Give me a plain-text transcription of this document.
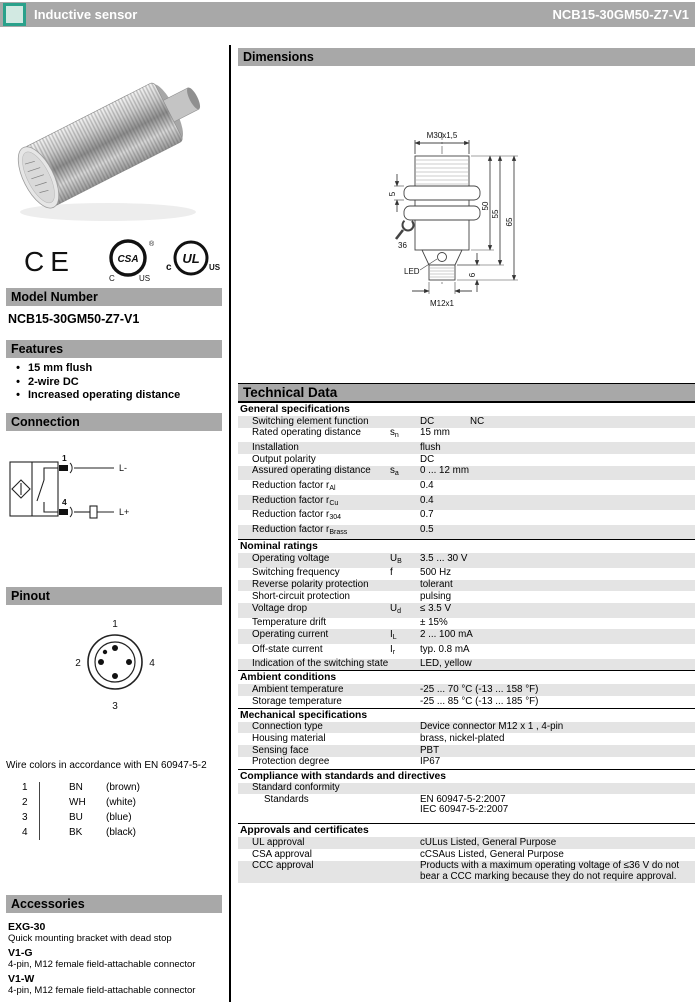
Inductive sensor	NCB15-30GM50-Z7-V1
CE	CSA
®
C	US
UL
c	US
Model Number
NCB15-30GM50-Z7-V1
Features
• 15 mm flush
• 2-wire DC
• Increased operating distance
Connection
1
4
L-
L+
Pinout
1
2
3
4
Wire colors in accordance with EN 60947-5-2
1	BN	(brown)
2	WH	(white)
3	BU	(blue)
4	BK	(black)
Accessories
EXG-30
Quick mounting bracket with dead stop
V1-G
4-pin, M12 female field-attachable connector
V1-W
4-pin, M12 female field-attachable connector
Dimensions
M30x1,5
50
55
65
5
36
LED	6
M12x1
Technical Data
General specifications
Switching element function	DC	NC
Rated operating distance	$s_n$	15 mm
Installation	flush
Output polarity	DC
Assured operating distance	$s_a$	0 ... 12 mm
Reduction factor $r_{Al}$	0.4
Reduction factor $r_{Cu}$	0.4
Reduction factor $r_{304}$	0.7
Reduction factor $r_{Brass}$	0.5
Nominal ratings
Operating voltage	$U_B$	3.5 ... 30 V
Switching frequency	f	500 Hz
Reverse polarity protection	tolerant
Short-circuit protection	pulsing
Voltage drop	$U_d$	≤ 3.5 V
Temperature drift	± 15%
Operating current	$I_L$	2 ... 100 mA
Off-state current	$I_r$	typ. 0.8 mA
Indication of the switching state	LED, yellow
Ambient conditions
Ambient temperature	-25 ... 70 °C (-13 ... 158 °F)
Storage temperature	-25 ... 85 °C (-13 ... 185 °F)
Mechanical specifications
Connection type	Device connector M12 x 1 , 4-pin
Housing material	brass, nickel-plated
Sensing face	PBT
Protection degree	IP67
Compliance with standards and directives
Standard conformity
Standards	EN 60947-5-2:2007
IEC 60947-5-2:2007
Approvals and certificates
UL approval	cULus Listed, General Purpose
CSA approval	cCSAus Listed, General Purpose
CCC approval	Products with a maximum operating voltage of ≤36 V do not bear a CCC marking because they do not require approval.
